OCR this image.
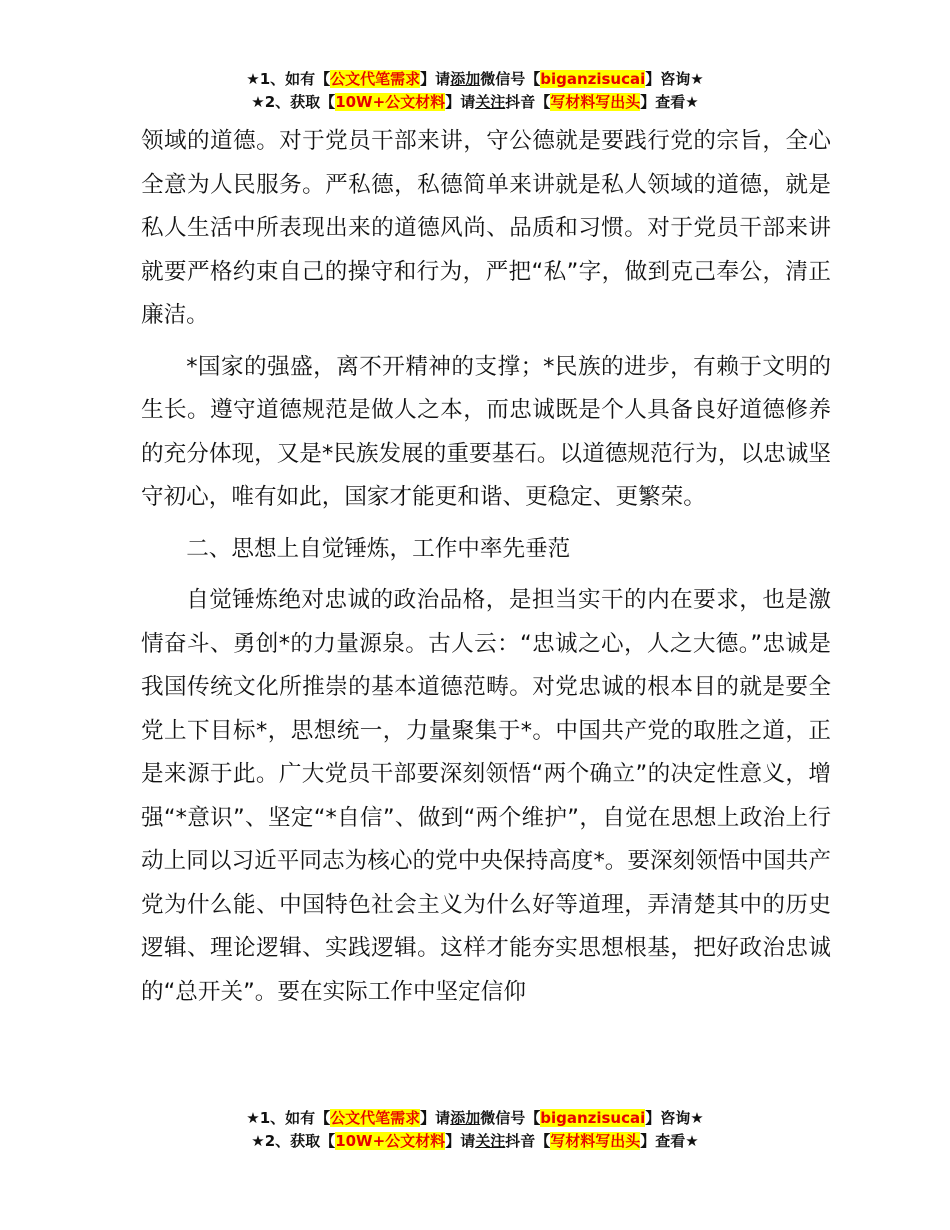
★1、如有【公文代笔需求】请添加微信号【biganzisucai】咨询★
★2、获取【10W+公文材料】请关注抖音【写材料写出头】查看★

领域的道德。对于党员干部来讲，守公德就是要践行党的宗旨，全心全意为人民服务。严私德，私德简单来讲就是私人领域的道德，就是私人生活中所表现出来的道德风尚、品质和习惯。对于党员干部来讲就要严格约束自己的操守和行为，严把“私”字，做到克己奉公，清正廉洁。

*国家的强盛，离不开精神的支撑；*民族的进步，有赖于文明的生长。遵守道德规范是做人之本，而忠诚既是个人具备良好道德修养的充分体现，又是*民族发展的重要基石。以道德规范行为，以忠诚坚守初心，唯有如此，国家才能更和谐、更稳定、更繁荣。

二、思想上自觉锤炼，工作中率先垂范

自觉锤炼绝对忠诚的政治品格，是担当实干的内在要求，也是激情奋斗、勇创*的力量源泉。古人云：“忠诚之心，人之大德。”忠诚是我国传统文化所推崇的基本道德范畴。对党忠诚的根本目的就是要全党上下目标*，思想统一，力量聚集于*。中国共产党的取胜之道，正是来源于此。广大党员干部要深刻领悟“两个确立”的决定性意义，增强“*意识”、坚定“*自信”、做到“两个维护”，自觉在思想上政治上行动上同以习近平同志为核心的党中央保持高度*。要深刻领悟中国共产党为什么能、中国特色社会主义为什么好等道理，弄清楚其中的历史逻辑、理论逻辑、实践逻辑。这样才能夯实思想根基，把好政治忠诚的“总开关”。要在实际工作中坚定信仰

★1、如有【公文代笔需求】请添加微信号【biganzisucai】咨询★
★2、获取【10W+公文材料】请关注抖音【写材料写出头】查看★
